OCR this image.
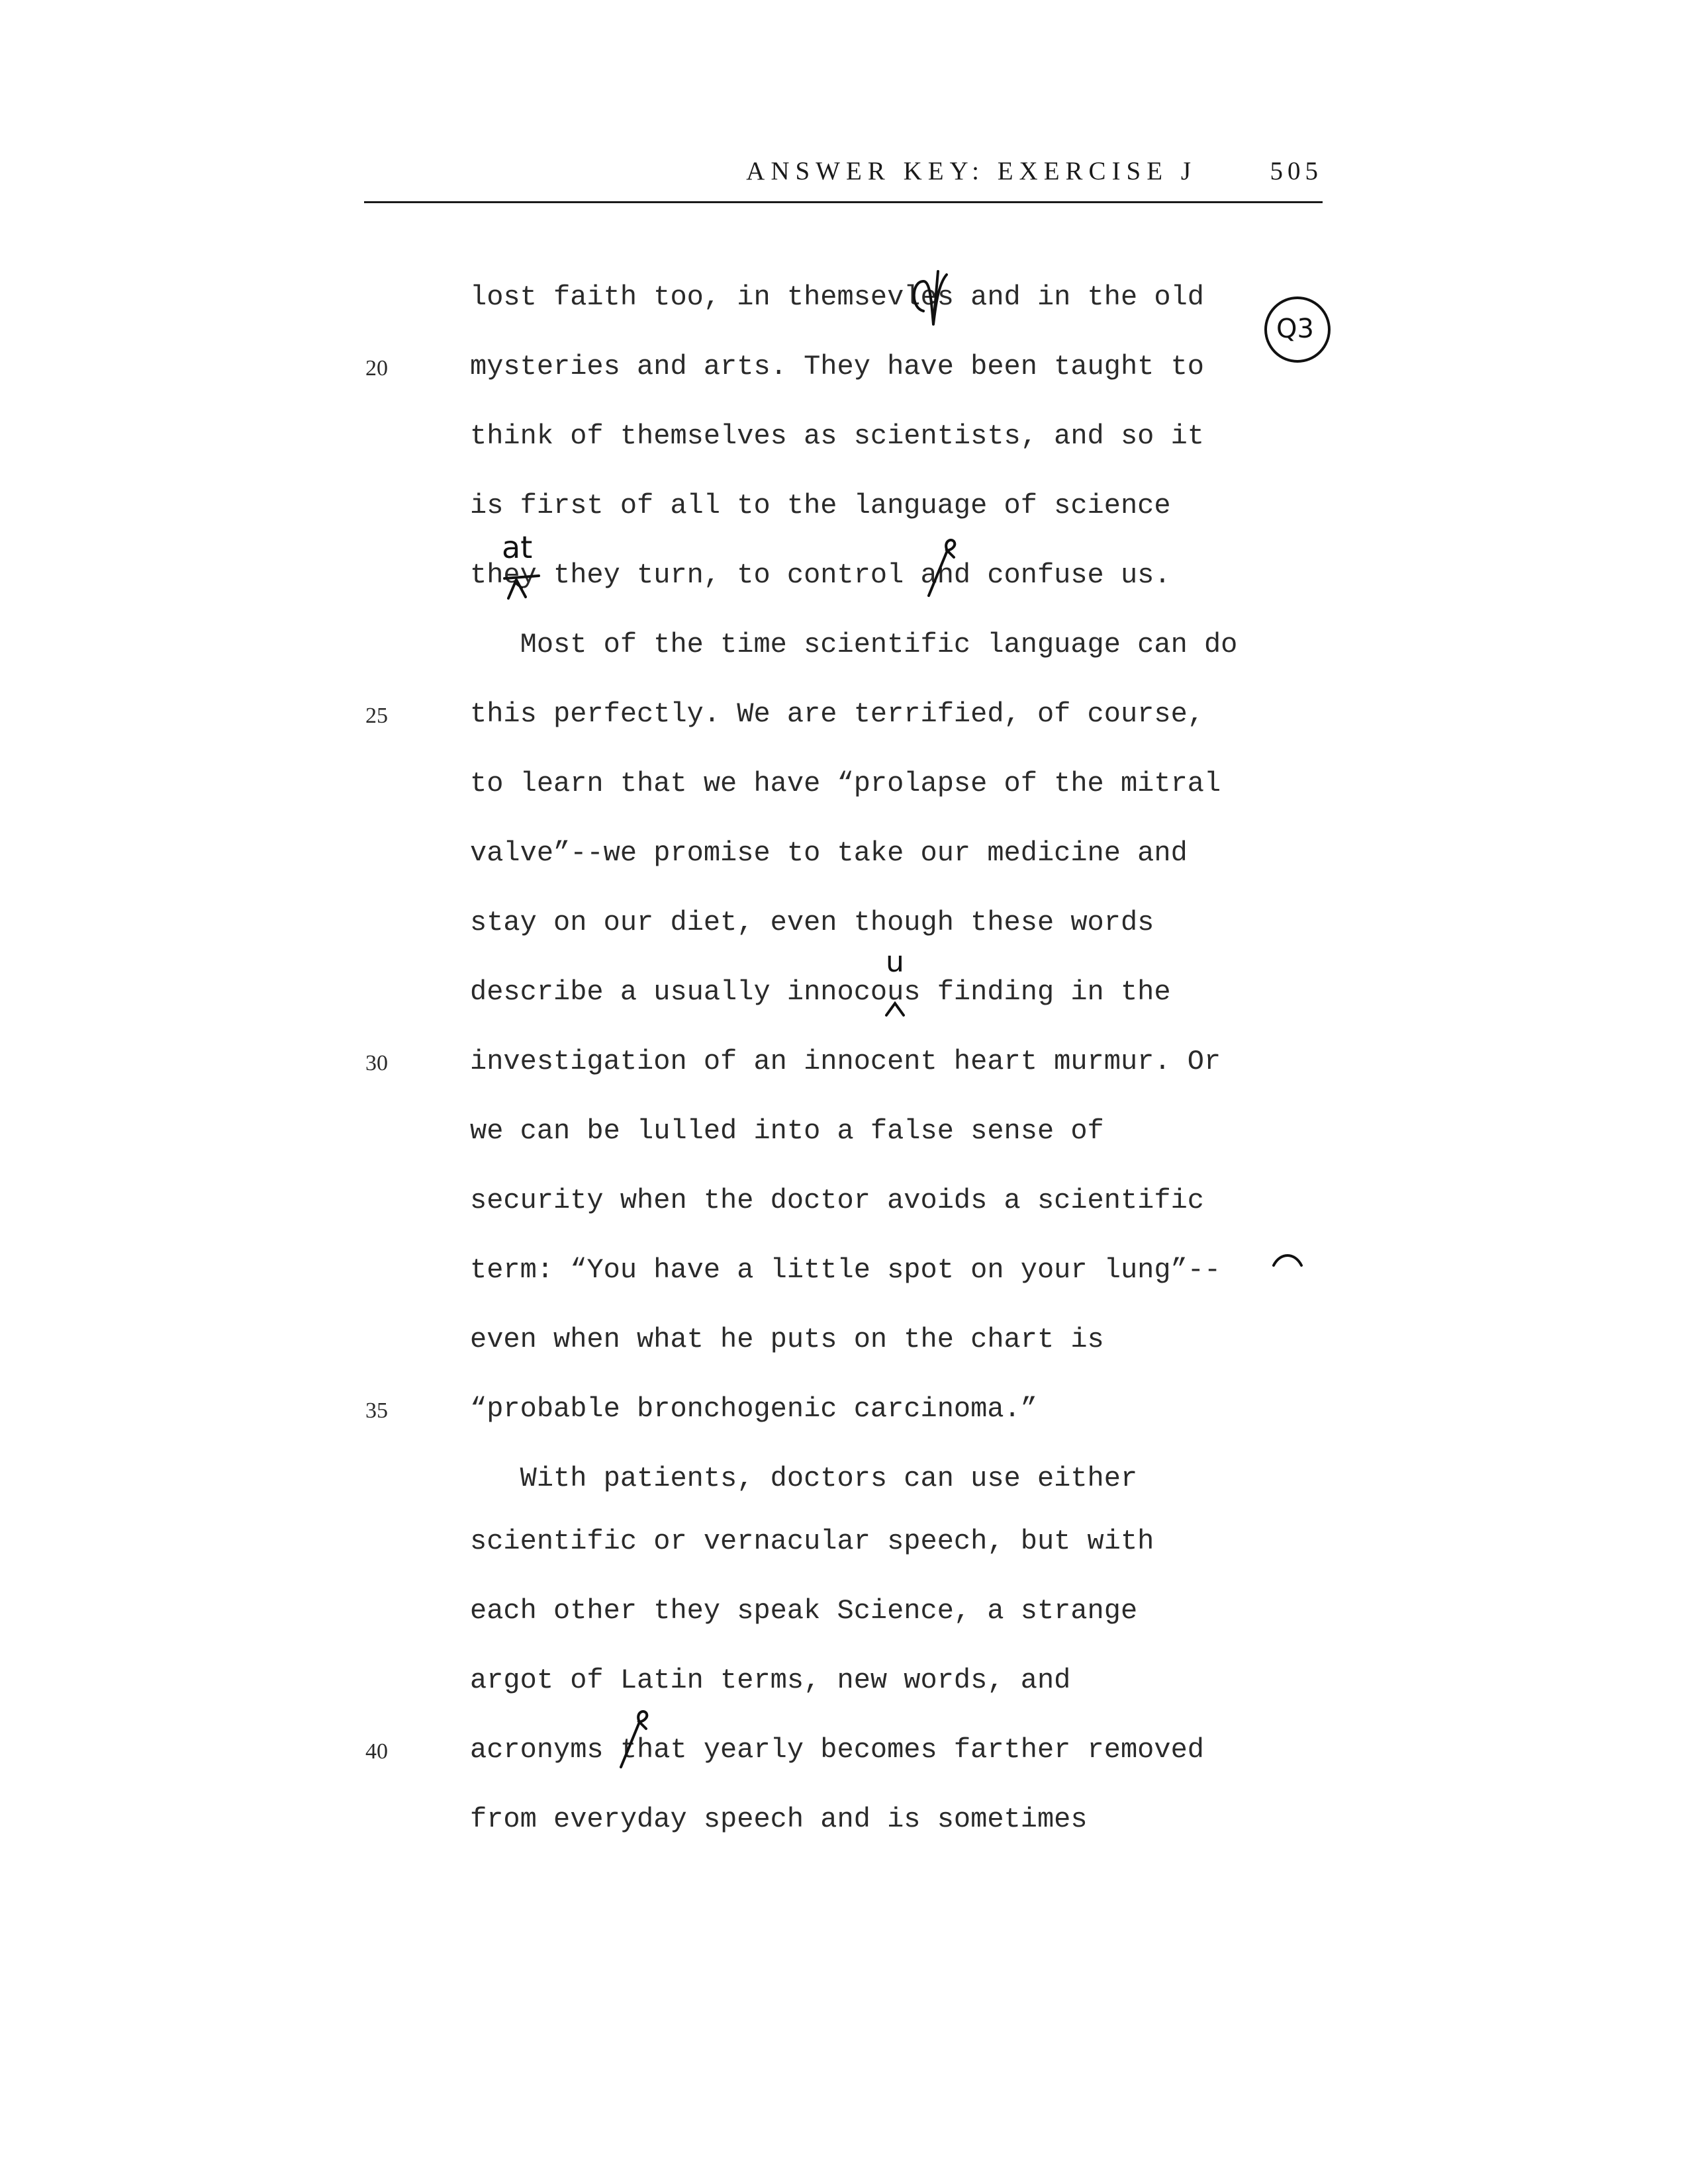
ANSWER KEY: EXERCISE J	505
lost faith too, in themsevles and in the old
mysteries and arts. They have been taught to
think of themselves as scientists, and so it
is first of all to the language of science
they they turn, to control and confuse us.
Most of the time scientific language can do
this perfectly. We are terrified, of course,
to learn that we have “prolapse of the mitral
valve”--we promise to take our medicine and
stay on our diet, even though these words
describe a usually innocous finding in the
investigation of an innocent heart murmur. Or
we can be lulled into a false sense of
security when the doctor avoids a scientific
term: “You have a little spot on your lung”--
even when what he puts on the chart is
“probable bronchogenic carcinoma.”
With patients, doctors can use either
scientific or vernacular speech, but with
each other they speak Science, a strange
argot of Latin terms, new words, and
acronyms that yearly becomes farther removed
from everyday speech and is sometimes
20
25
30
35
40
Q3
at
u
